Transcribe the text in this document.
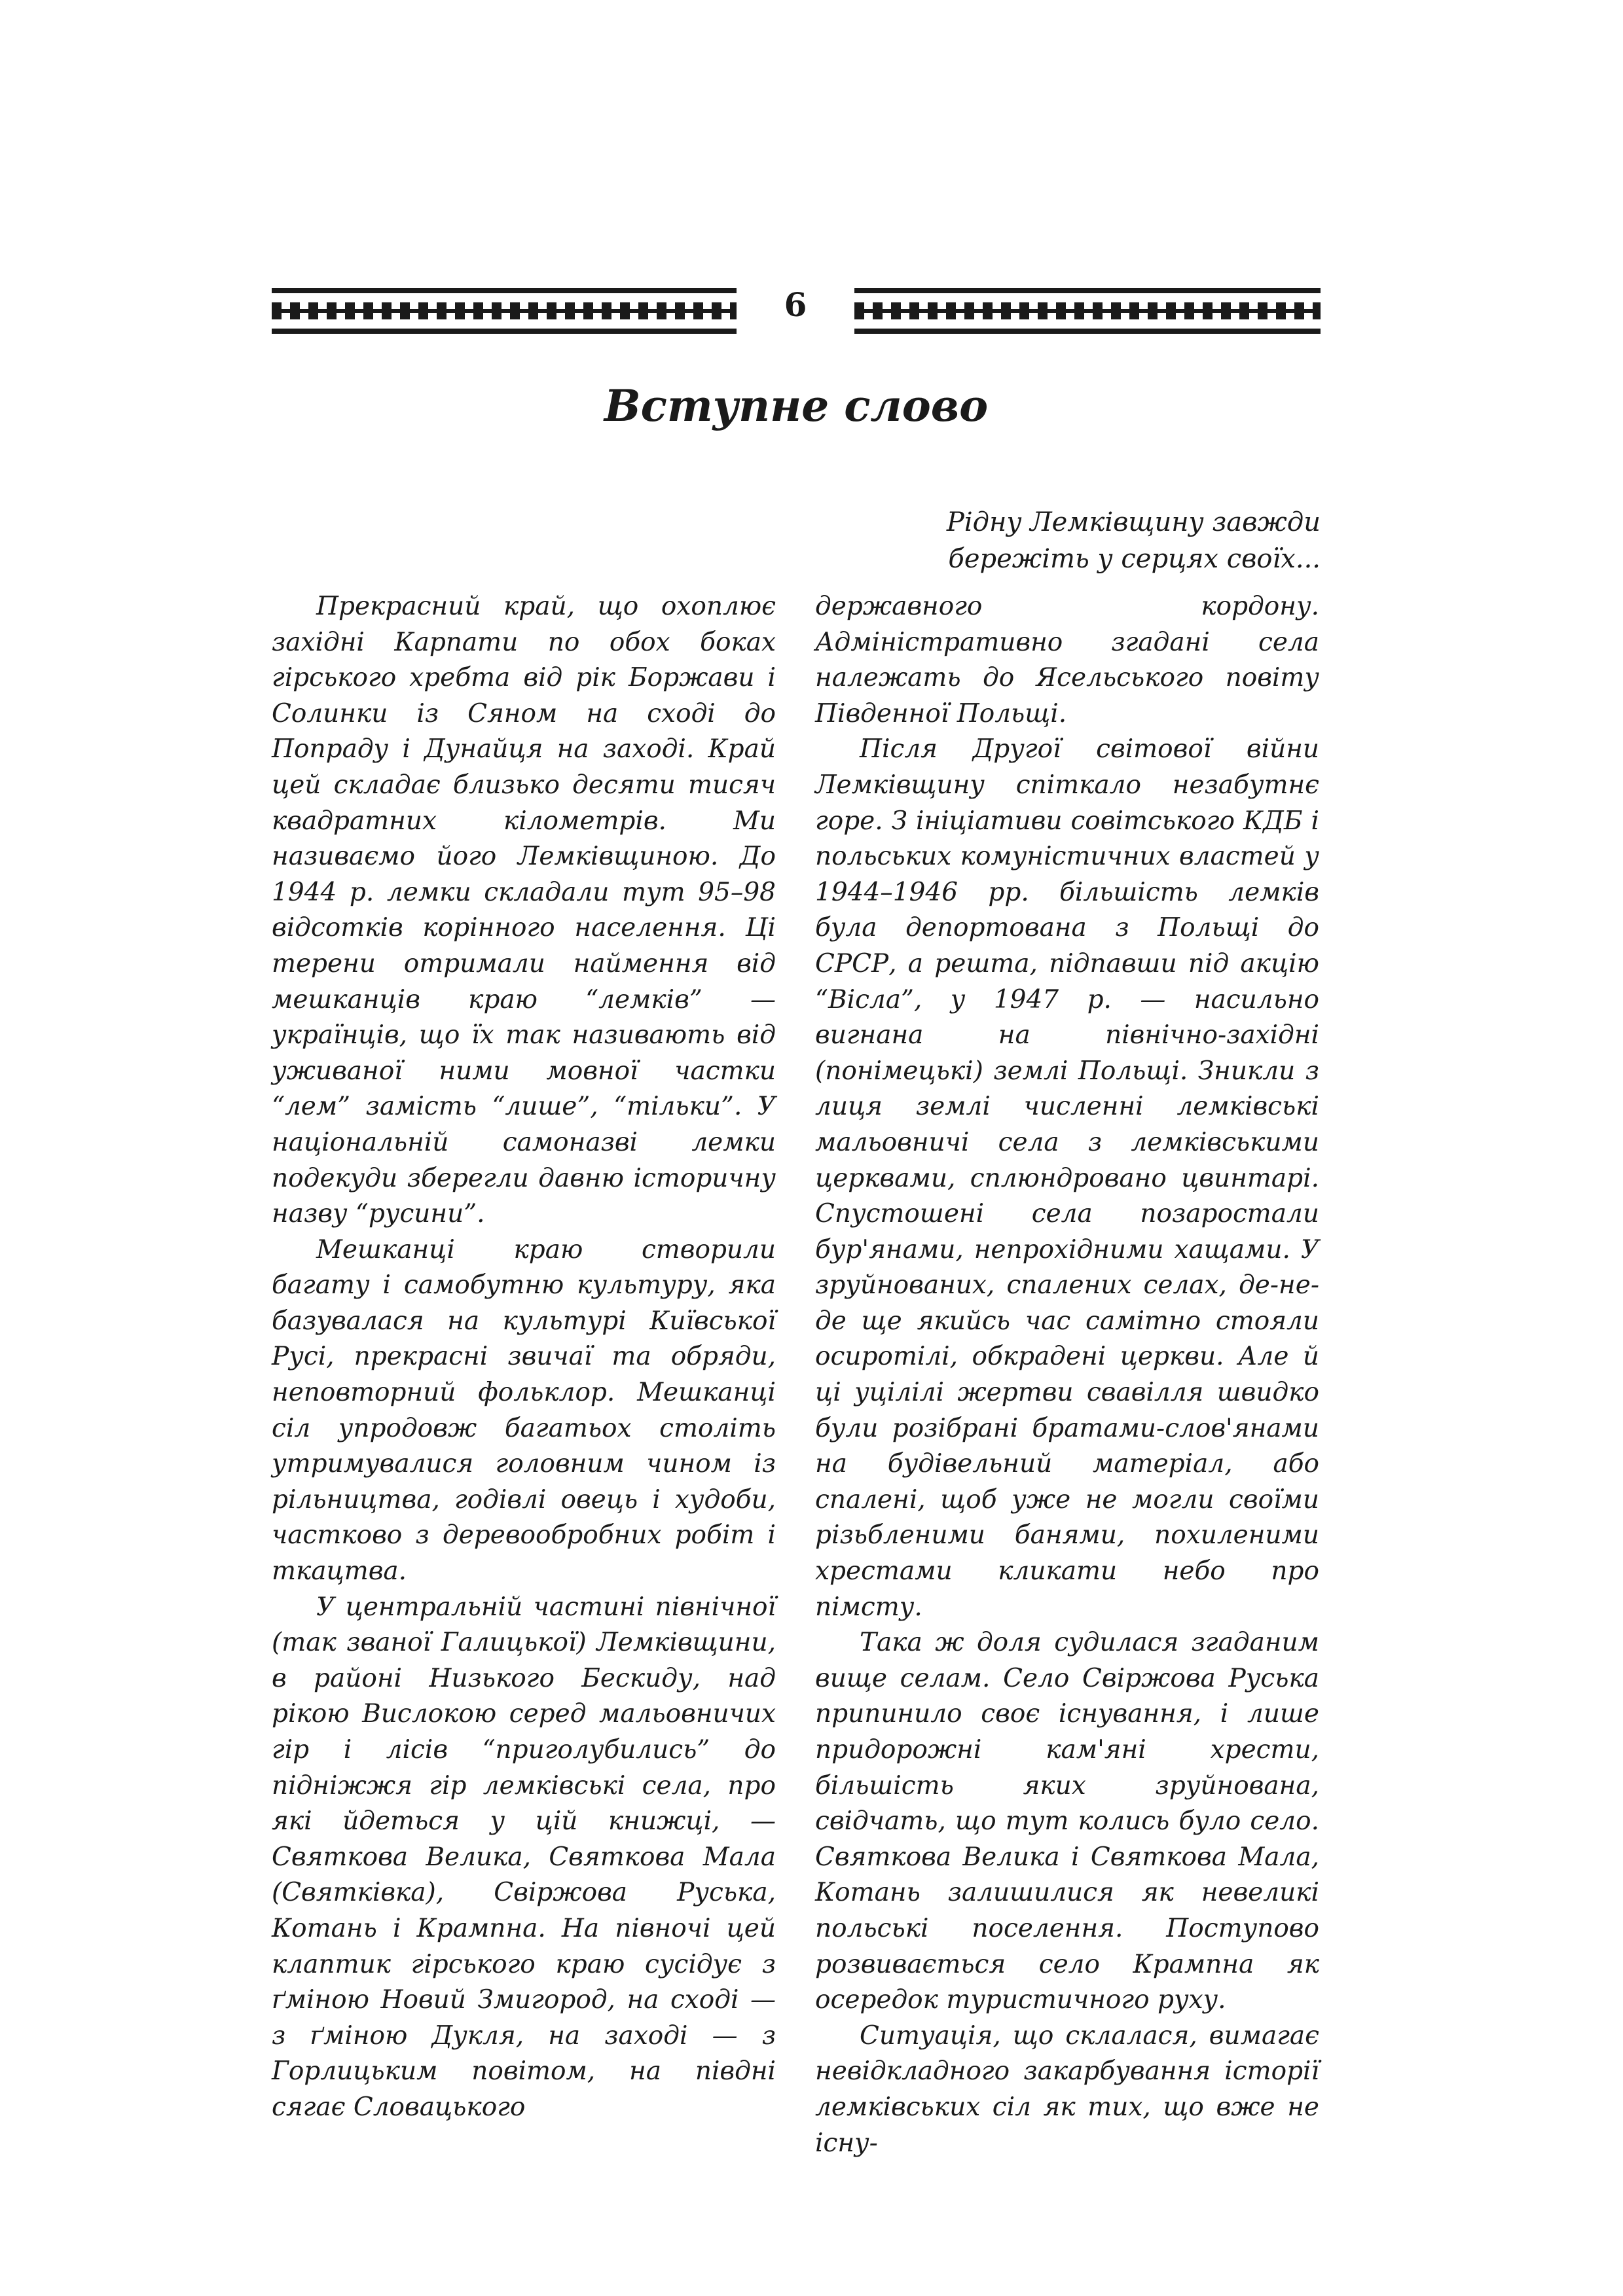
6
Вступне слово
Рідну Лемківщину завжди
бережіть у серцях своїх...

Прекрасний край, що охоплює західні Карпати по обох боках гірського хребта від рік Боржави і Солинки із Сяном на сході до Попраду і Дунайця на заході. Край цей складає близько десяти тисяч квадратних кілометрів. Ми називаємо його Лемківщиною. До 1944 р. лемки складали тут 95–98 відсотків корінного населення. Ці терени отримали наймення від мешканців краю “лемків” — українців, що їх так називають від уживаної ними мовної частки “лем” замість “лише”, “тільки”. У національній самоназві лемки подекуди зберегли давню історичну назву “русини”.

Мешканці краю створили багату і самобутню культуру, яка базувалася на культурі Київської Русі, прекрасні звичаї та обряди, неповторний фольклор. Мешканці сіл упродовж багатьох століть утримувалися головним чином із рільництва, годівлі овець і худоби, частково з деревообробних робіт і ткацтва.

У центральній частині північної (так званої Галицької) Лемківщини, в районі Низького Бескиду, над рікою Вислокою серед мальовничих гір і лісів “приголубились” до підніжжя гір лемківські села, про які йдеться у цій книжці, — Святкова Велика, Святкова Мала (Святківка), Свіржова Руська, Котань і Крампна. На півночі цей клаптик гірського краю сусідує з ґміною Новий Змигород, на сході — з ґміною Дукля, на заході — з Горлицьким повітом, на півдні сягає Словацького

державного кордону. Адміністративно згадані села належать до Ясельського повіту Південної Польщі.

Після Другої світової війни Лемківщину спіткало незабутнє горе. З ініціативи совітського КДБ і польських комуністичних властей у 1944–1946 рр. більшість лемків була депортована з Польщі до СРСР, а решта, підпавши під акцію “Вісла”, у 1947 р. — насильно вигнана на північно-західні (понімецькі) землі Польщі. Зникли з лиця землі численні лемківські мальовничі села з лемківськими церквами, сплюндровано цвинтарі. Спустошені села позаростали бур'янами, непрохідними хащами. У зруйнованих, спалених селах, де-не-де ще якийсь час самітно стояли осиротілі, обкрадені церкви. Але й ці уцілілі жертви свавілля швидко були розібрані братами-слов'янами на будівельний матеріал, або спалені, щоб уже не могли своїми різьбленими банями, похиленими хрестами кликати небо про пімсту.

Така ж доля судилася згаданим вище селам. Село Свіржова Руська припинило своє існування, і лише придорожні кам'яні хрести, більшість яких зруйнована, свідчать, що тут колись було село. Святкова Велика і Святкова Мала, Котань залишилися як невеликі польські поселення. Поступово розвивається село Крампна як осередок туристичного руху.

Ситуація, що склалася, вимагає невідкладного закарбування історії лемківських сіл як тих, що вже не існу-
